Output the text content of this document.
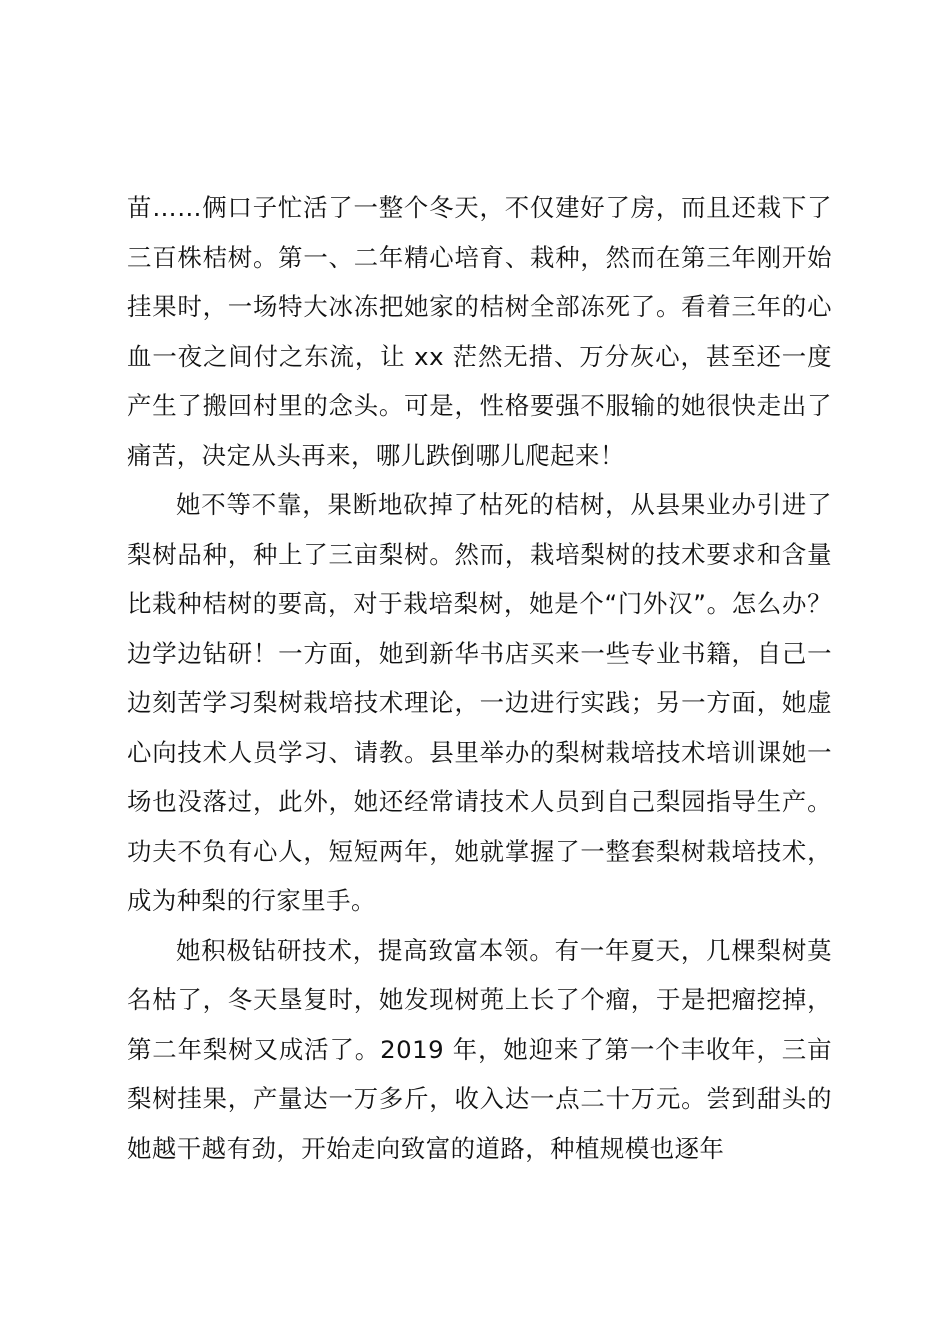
苗……俩口子忙活了一整个冬天，不仅建好了房，而且还栽下了三百株桔树。第一、二年精心培育、栽种，然而在第三年刚开始挂果时，一场特大冰冻把她家的桔树全部冻死了。看着三年的心血一夜之间付之东流，让 xx 茫然无措、万分灰心，甚至还一度产生了搬回村里的念头。可是，性格要强不服输的她很快走出了痛苦，决定从头再来，哪儿跌倒哪儿爬起来！

她不等不靠，果断地砍掉了枯死的桔树，从县果业办引进了梨树品种，种上了三亩梨树。然而，栽培梨树的技术要求和含量比栽种桔树的要高，对于栽培梨树，她是个“门外汉”。怎么办？边学边钻研！一方面，她到新华书店买来一些专业书籍，自己一边刻苦学习梨树栽培技术理论，一边进行实践；另一方面，她虚心向技术人员学习、请教。县里举办的梨树栽培技术培训课她一场也没落过，此外，她还经常请技术人员到自己梨园指导生产。功夫不负有心人，短短两年，她就掌握了一整套梨树栽培技术，成为种梨的行家里手。

她积极钻研技术，提高致富本领。有一年夏天，几棵梨树莫名枯了，冬天垦复时，她发现树蔸上长了个瘤，于是把瘤挖掉，第二年梨树又成活了。2019 年，她迎来了第一个丰收年，三亩梨树挂果，产量达一万多斤，收入达一点二十万元。尝到甜头的她越干越有劲，开始走向致富的道路，种植规模也逐年
